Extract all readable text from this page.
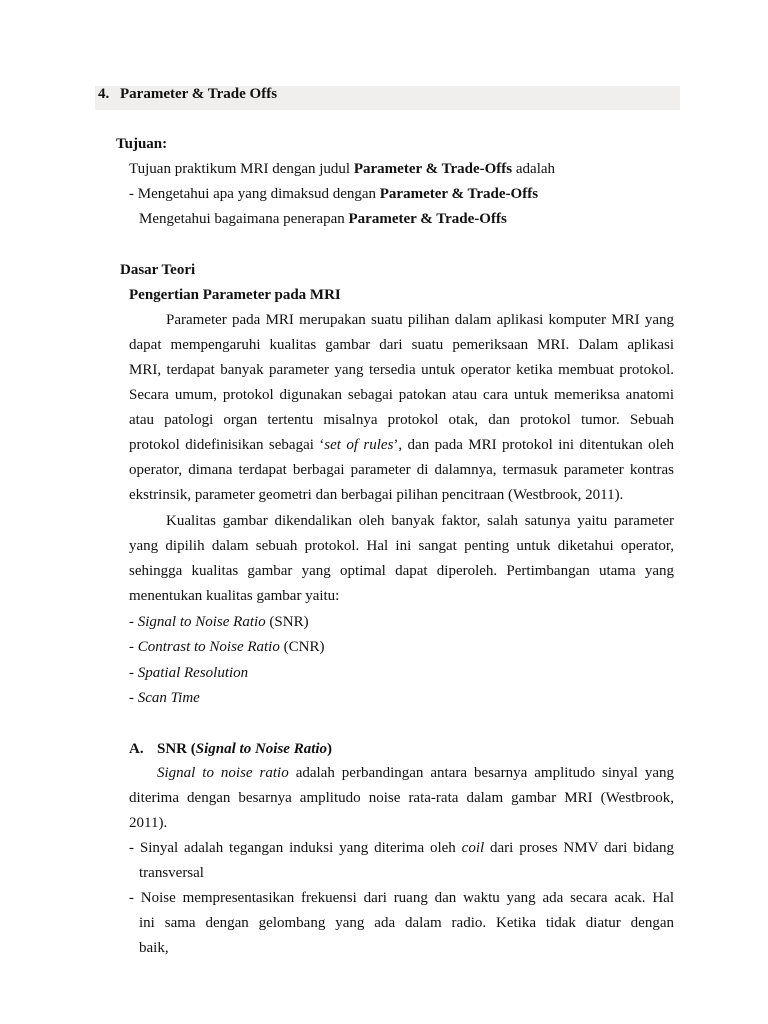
4. Parameter & Trade Offs
Tujuan:
Tujuan praktikum MRI dengan judul Parameter & Trade-Offs adalah
- Mengetahui apa yang dimaksud dengan Parameter & Trade-Offs
Mengetahui bagaimana penerapan Parameter & Trade-Offs
Dasar Teori
Pengertian Parameter pada MRI
Parameter pada MRI merupakan suatu pilihan dalam aplikasi komputer MRI yang
dapat mempengaruhi kualitas gambar dari suatu pemeriksaan MRI. Dalam aplikasi
MRI, terdapat banyak parameter yang tersedia untuk operator ketika membuat protokol.
Secara umum, protokol digunakan sebagai patokan atau cara untuk memeriksa anatomi
atau patologi organ tertentu misalnya protokol otak, dan protokol tumor. Sebuah
protokol didefinisikan sebagai ‘set of rules’, dan pada MRI protokol ini ditentukan oleh
operator, dimana terdapat berbagai parameter di dalamnya, termasuk parameter kontras
ekstrinsik, parameter geometri dan berbagai pilihan pencitraan (Westbrook, 2011).
Kualitas gambar dikendalikan oleh banyak faktor, salah satunya yaitu parameter
yang dipilih dalam sebuah protokol. Hal ini sangat penting untuk diketahui operator,
sehingga kualitas gambar yang optimal dapat diperoleh. Pertimbangan utama yang
menentukan kualitas gambar yaitu:
- Signal to Noise Ratio (SNR)
- Contrast to Noise Ratio (CNR)
- Spatial Resolution
- Scan Time
A. SNR (Signal to Noise Ratio)
Signal to noise ratio adalah perbandingan antara besarnya amplitudo sinyal yang
diterima dengan besarnya amplitudo noise rata-rata dalam gambar MRI (Westbrook,
2011).
- Sinyal adalah tegangan induksi yang diterima oleh coil dari proses NMV dari bidang
transversal
- Noise mempresentasikan frekuensi dari ruang dan waktu yang ada secara acak. Hal
ini sama dengan gelombang yang ada dalam radio. Ketika tidak diatur dengan
baik,
